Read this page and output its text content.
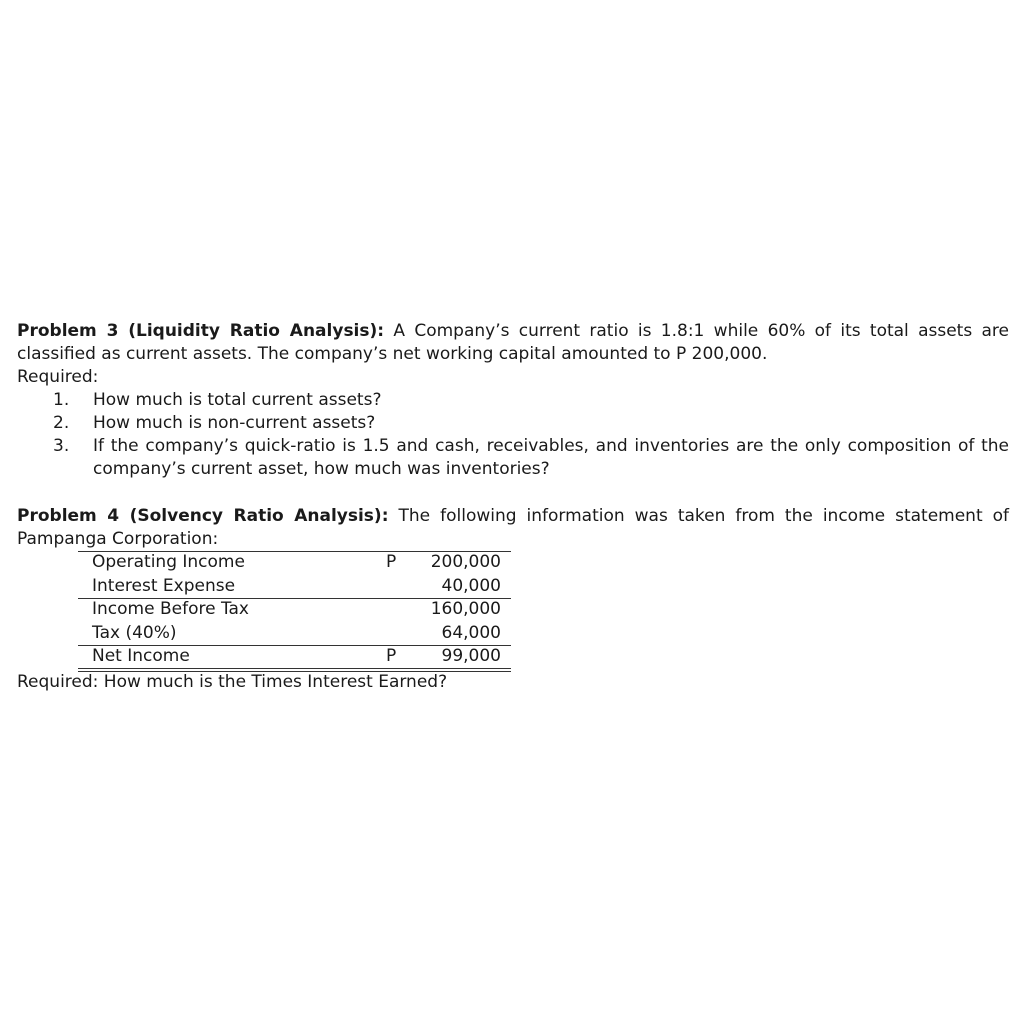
Problem 3 (Liquidity Ratio Analysis): A Company’s current ratio is 1.8:1 while 60% of its total assets are classified as current assets. The company’s net working capital amounted to P 200,000.

Required:

1. How much is total current assets?
2. How much is non-current assets?
3. If the company’s quick-ratio is 1.5 and cash, receivables, and inventories are the only composition of the company’s current asset, how much was inventories?

Problem 4 (Solvency Ratio Analysis): The following information was taken from the income statement of Pampanga Corporation:

Operating Income	P 200,000
Interest Expense	40,000
Income Before Tax	160,000
Tax (40%)	64,000
Net Income	P	99,000

Required: How much is the Times Interest Earned?
